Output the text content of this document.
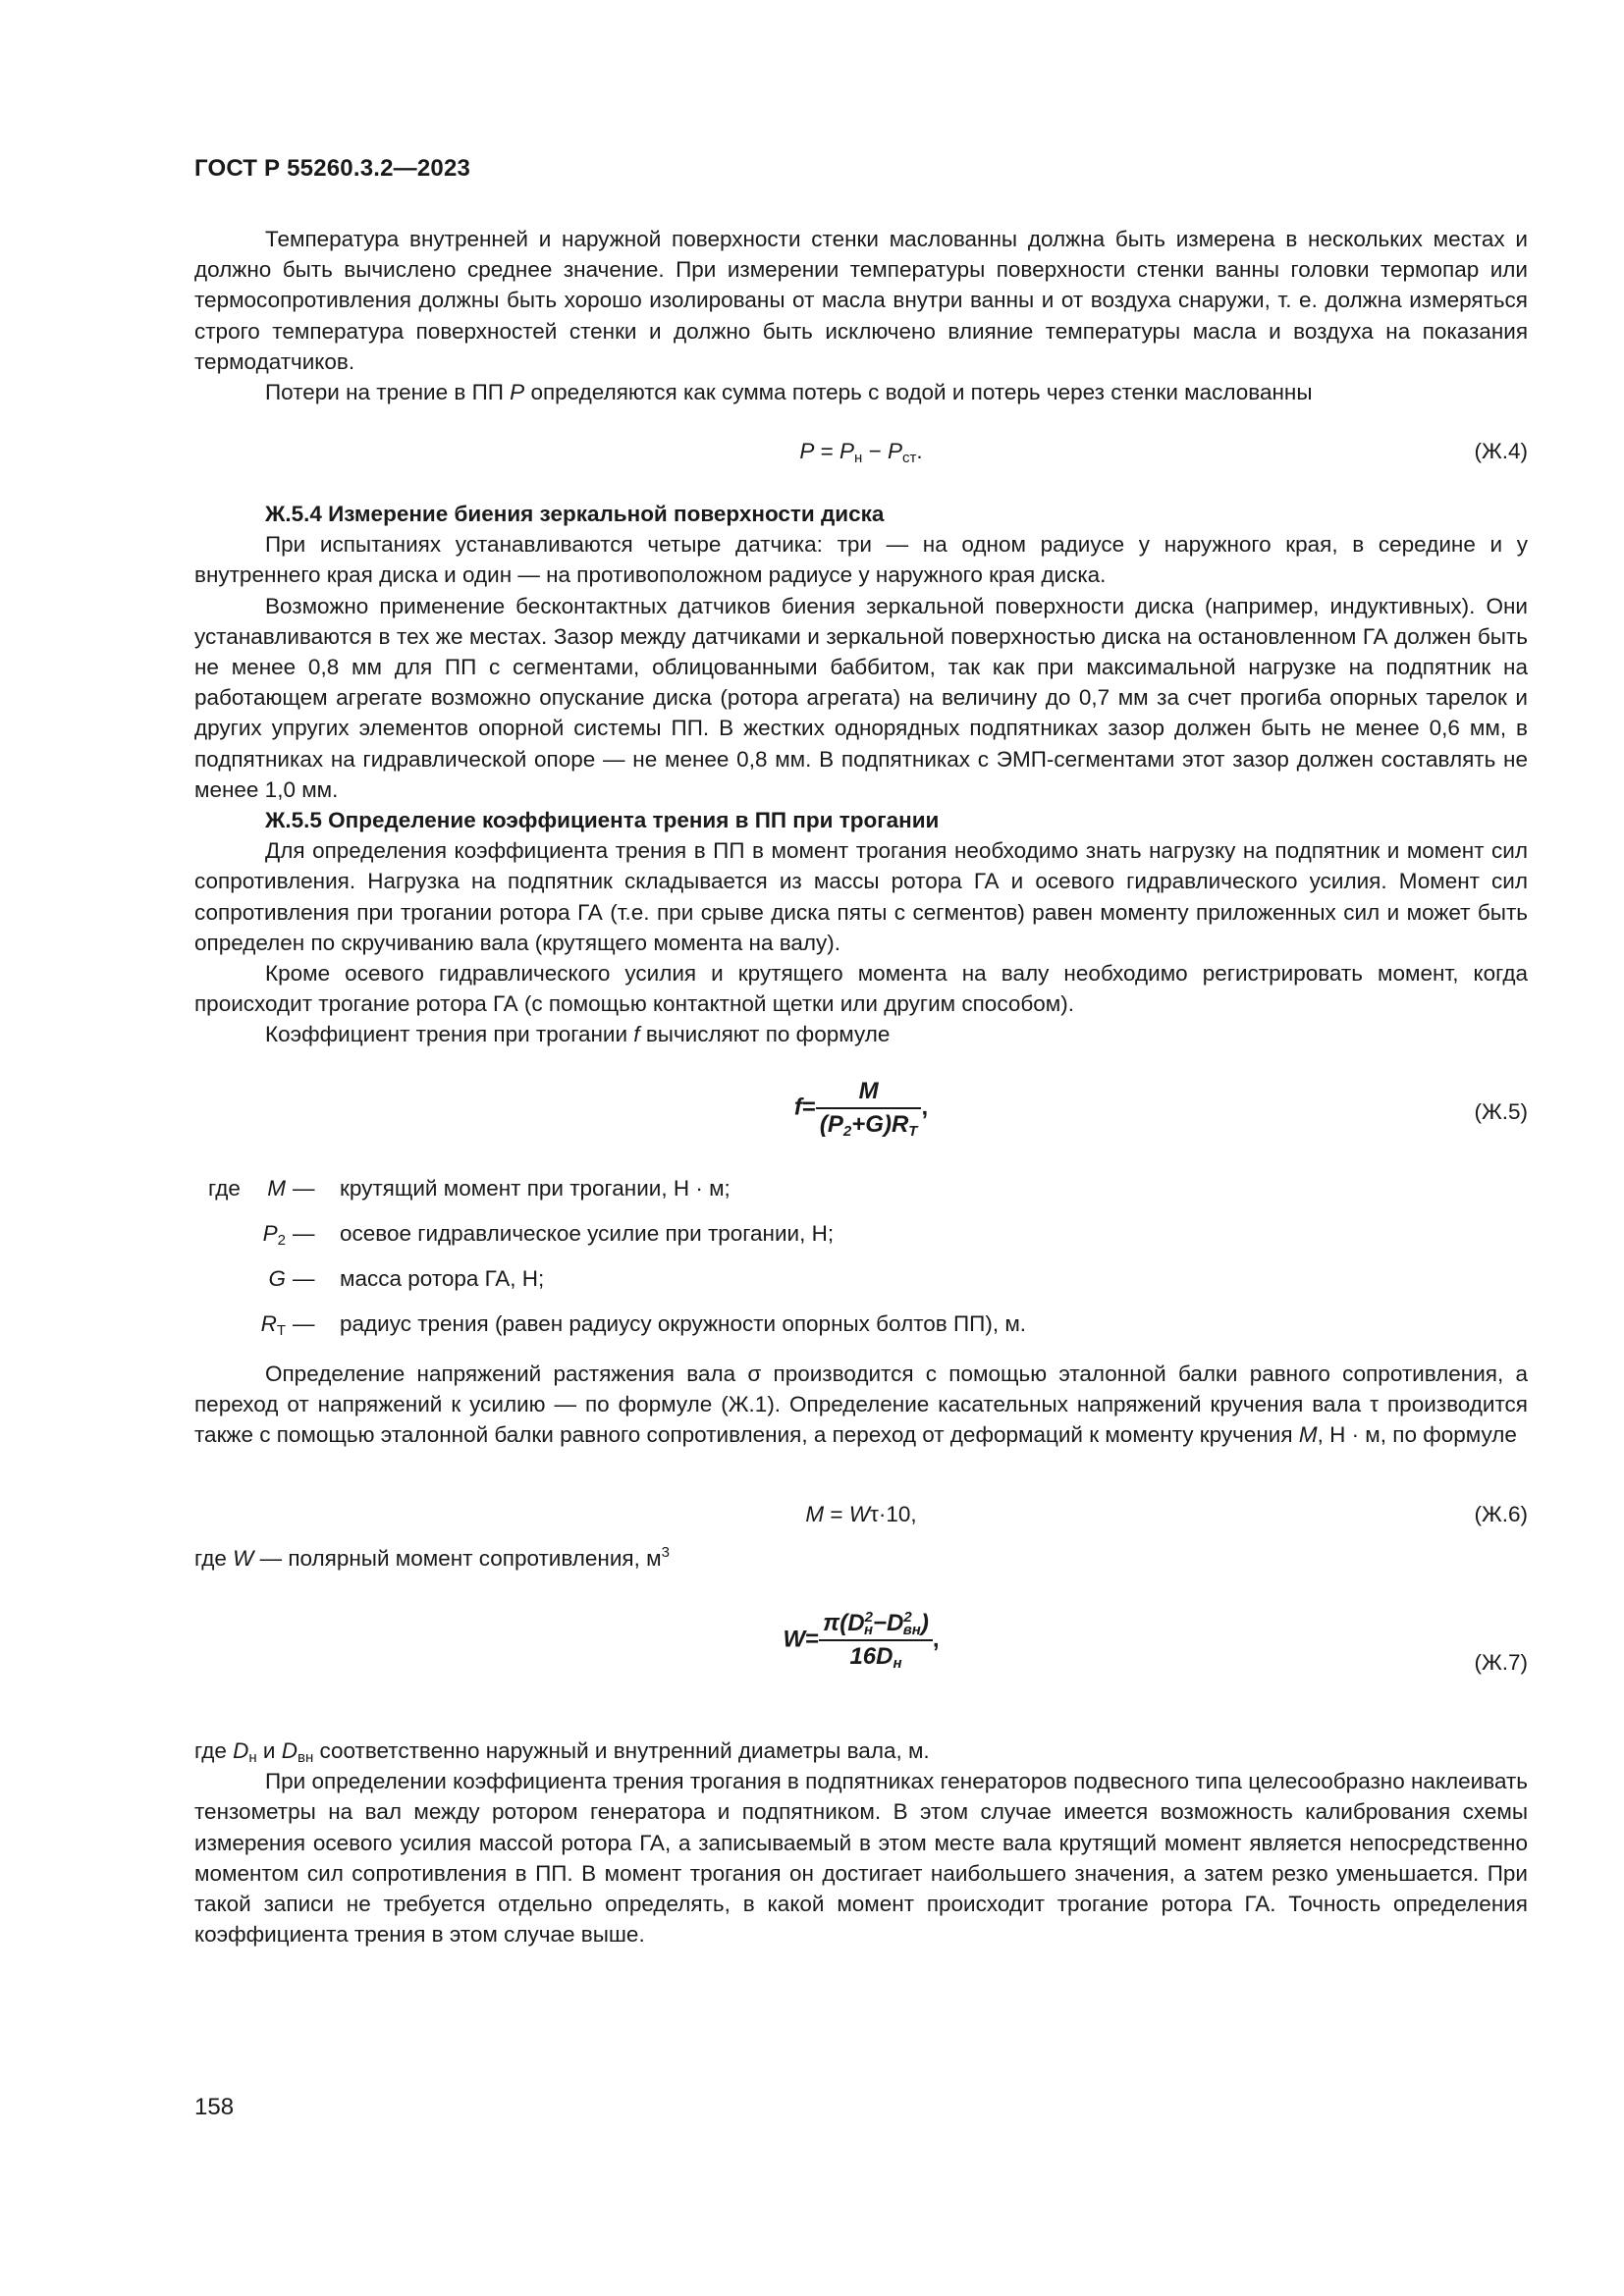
ГОСТ Р 55260.3.2—2023

Температура внутренней и наружной поверхности стенки маслованны должна быть измерена в нескольких местах и должно быть вычислено среднее значение. При измерении температуры поверхности стенки ванны головки термопар или термосопротивления должны быть хорошо изолированы от масла внутри ванны и от воздуха снаружи, т. е. должна измеряться строго температура поверхностей стенки и должно быть исключено влияние температуры масла и воздуха на показания термодатчиков.

Потери на трение в ПП P определяются как сумма потерь с водой и потерь через стенки маслованны

$P = P_н - P_{ст}$.	(Ж.4)

Ж.5.4 Измерение биения зеркальной поверхности диска

При испытаниях устанавливаются четыре датчика: три — на одном радиусе у наружного края, в середине и у внутреннего края диска и один — на противоположном радиусе у наружного края диска.

Возможно применение бесконтактных датчиков биения зеркальной поверхности диска (например, индуктивных). Они устанавливаются в тех же местах. Зазор между датчиками и зеркальной поверхностью диска на остановленном ГА должен быть не менее 0,8 мм для ПП с сегментами, облицованными баббитом, так как при максимальной нагрузке на подпятник на работающем агрегате возможно опускание диска (ротора агрегата) на величину до 0,7 мм за счет прогиба опорных тарелок и других упругих элементов опорной системы ПП. В жестких однорядных подпятниках зазор должен быть не менее 0,6 мм, в подпятниках на гидравлической опоре — не менее 0,8 мм. В подпятниках с ЭМП-сегментами этот зазор должен составлять не менее 1,0 мм.

Ж.5.5 Определение коэффициента трения в ПП при трогании

Для определения коэффициента трения в ПП в момент трогания необходимо знать нагрузку на подпятник и момент сил сопротивления. Нагрузка на подпятник складывается из массы ротора ГА и осевого гидравлического усилия. Момент сил сопротивления при трогании ротора ГА (т.е. при срыве диска пяты с сегментов) равен моменту приложенных сил и может быть определен по скручиванию вала (крутящего момента на валу).

Кроме осевого гидравлического усилия и крутящего момента на валу необходимо регистрировать момент, когда происходит трогание ротора ГА (с помощью контактной щетки или другим способом).

Коэффициент трения при трогании f вычисляют по формуле

$f= \frac{M}{(P_2+G)R_T}$ ,	(Ж.5)
где M — крутящий момент при трогании, Н · м;
$P_2$ — осевое гидравлическое усилие при трогании, Н;
G — масса ротора ГА, Н;
$R_Т$ — радиус трения (равен радиусу окружности опорных болтов ПП), м.

Определение напряжений растяжения вала σ производится с помощью эталонной балки равного сопротивления, а переход от напряжений к усилию — по формуле (Ж.1). Определение касательных напряжений кручения вала τ производится также с помощью эталонной балки равного сопротивления, а переход от деформаций к моменту кручения M, Н · м, по формуле

M = Wτ·10,	(Ж.6)

где W — полярный момент сопротивления, $м^3$

$W= \frac{\pi(D^2_н-D^2_{вн})}{16D_н}$ ,
(Ж.7)

где $D_н$ и $D_{вн}$ соответственно наружный и внутренний диаметры вала, м.

При определении коэффициента трения трогания в подпятниках генераторов подвесного типа целесообразно наклеивать тензометры на вал между ротором генератора и подпятником. В этом случае имеется возможность калибрования схемы измерения осевого усилия массой ротора ГА, а записываемый в этом месте вала крутящий момент является непосредственно моментом сил сопротивления в ПП. В момент трогания он достигает наибольшего значения, а затем резко уменьшается. При такой записи не требуется отдельно определять, в какой момент происходит трогание ротора ГА. Точность определения коэффициента трения в этом случае выше.

158
